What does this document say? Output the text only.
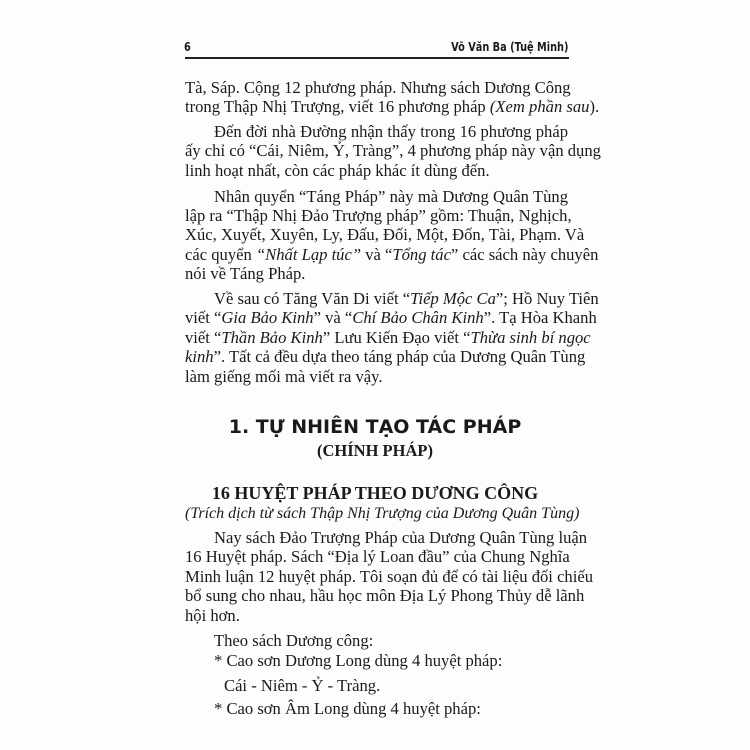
6	Võ Văn Ba (Tuệ Minh)
1. TỰ NHIÊN TẠO TÁC PHÁP
(CHÍNH PHÁP)
16 HUYỆT PHÁP THEO DƯƠNG CÔNG
(Trích dịch từ sách Thập Nhị Trượng của Dương Quân Tùng)
Tà, Sáp. Cộng 12 phương pháp. Nhưng sách Dương Công
trong Thập Nhị Trượng, viết 16 phương pháp (Xem phần sau).
Đến đời nhà Đường nhận thấy trong 16 phương pháp
ấy chỉ có “Cái, Niêm, Ỷ, Tràng”, 4 phương pháp này vận dụng
linh hoạt nhất, còn các pháp khác ít dùng đến.
Nhân quyển “Táng Pháp” này mà Dương Quân Tùng
lập ra “Thập Nhị Đảo Trượng pháp” gồm: Thuận, Nghịch,
Xúc, Xuyết, Xuyên, Ly, Đấu, Đối, Một, Đốn, Tài, Phạm. Và
các quyển “Nhất Lạp túc” và “Tổng tác” các sách này chuyên
nói về Táng Pháp.
Về sau có Tăng Văn Di viết “Tiếp Mộc Ca”; Hồ Nuy Tiên
viết “Gia Bảo Kinh” và “Chí Bảo Chân Kinh”. Tạ Hòa Khanh
viết “Thần Bảo Kinh” Lưu Kiến Đạo viết “Thừa sinh bí ngọc
kinh”. Tất cả đều dựa theo táng pháp của Dương Quân Tùng
làm giếng mối mà viết ra vậy.
Nay sách Đảo Trượng Pháp của Dương Quân Tùng luận
16 Huyệt pháp. Sách “Địa lý Loan đầu” của Chung Nghĩa
Minh luận 12 huyệt pháp. Tôi soạn đủ để có tài liệu đối chiếu
bổ sung cho nhau, hầu học môn Địa Lý Phong Thủy dễ lãnh
hội hơn.
Theo sách Dương công:
* Cao sơn Dương Long dùng 4 huyệt pháp:
Cái - Niêm - Ỷ - Tràng.
* Cao sơn Âm Long dùng 4 huyệt pháp:
